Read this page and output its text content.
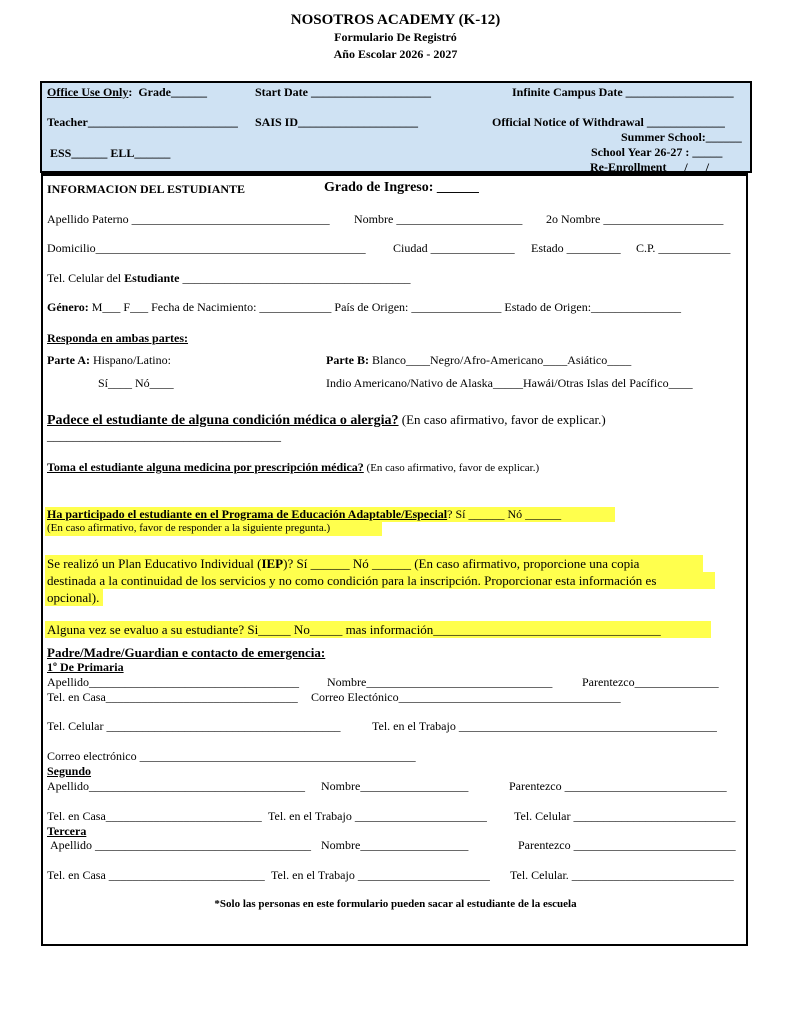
NOSOTROS ACADEMY (K-12)
Formulario De Registró
Año Escolar 2026 - 2027
Office Use Only:  Grade______	Start Date ____________________	Infinite Campus Date __________________
Teacher_________________________ SAIS ID____________________	Official Notice of Withdrawal _____________
Summer School:______
ESS______ ELL______	School Year 26-27 : _____
Re-Enrollment___/___/___
INFORMACION DEL ESTUDIANTE	Grado de Ingreso: ______
Apellido Paterno _________________________________ Nombre _____________________ 2o Nombre ____________________
Domicilio_____________________________________________ Ciudad ______________ Estado _________ C.P. ____________
Tel. Celular del Estudiante ______________________________________
Género: M___ F___ Fecha de Nacimiento: ____________ País de Origen: _______________ Estado de Origen:_______________
Responda en ambas partes:
Parte A: Hispano/Latino:
Sí____ Nó____
Parte B: Blanco____Negro/Afro-Americano____Asiático____
Indio Americano/Nativo de Alaska_____Hawái/Otras Islas del Pacífico____
Padece el estudiante de alguna condición médica o alergia? (En caso afirmativo, favor de explicar.)
____________________________________
Toma el estudiante alguna medicina por prescripción médica? (En caso afirmativo, favor de explicar.)
Ha participado el estudiante en el Programa de Educación Adaptable/Especial? Sí ______ Nó ______
(En caso afirmativo, favor de responder a la siguiente pregunta.)
Se realizó un Plan Educativo Individual (IEP)? Sí ______ Nó ______ (En caso afirmativo, proporcione una copia
destinada a la continuidad de los servicios y no como condición para la inscripción. Proporcionar esta información es
opcional).
Alguna vez se evaluo a su estudiante? Si_____ No_____ mas información___________________________________
Padre/Madre/Guardian e contacto de emergencia:
1º De Primaria
Apellido___________________________________ Nombre_______________________________ Parentezco______________
Tel. en Casa________________________________ Correo Electónico_____________________________________
Tel. Celular _______________________________________	Tel. en el Trabajo ___________________________________________
Correo electrónico ______________________________________________
Segundo
Apellido____________________________________ Nombre__________________	Parentezco ___________________________
Tel. en Casa__________________________ Tel. en el Trabajo ______________________ Tel. Celular ___________________________
Tercera
Apellido ____________________________________ Nombre__________________	Parentezco ___________________________
Tel. en Casa __________________________ Tel. en el Trabajo ______________________ Tel. Celular. ___________________________
*Solo las personas en este formulario pueden sacar al estudiante de la escuela
